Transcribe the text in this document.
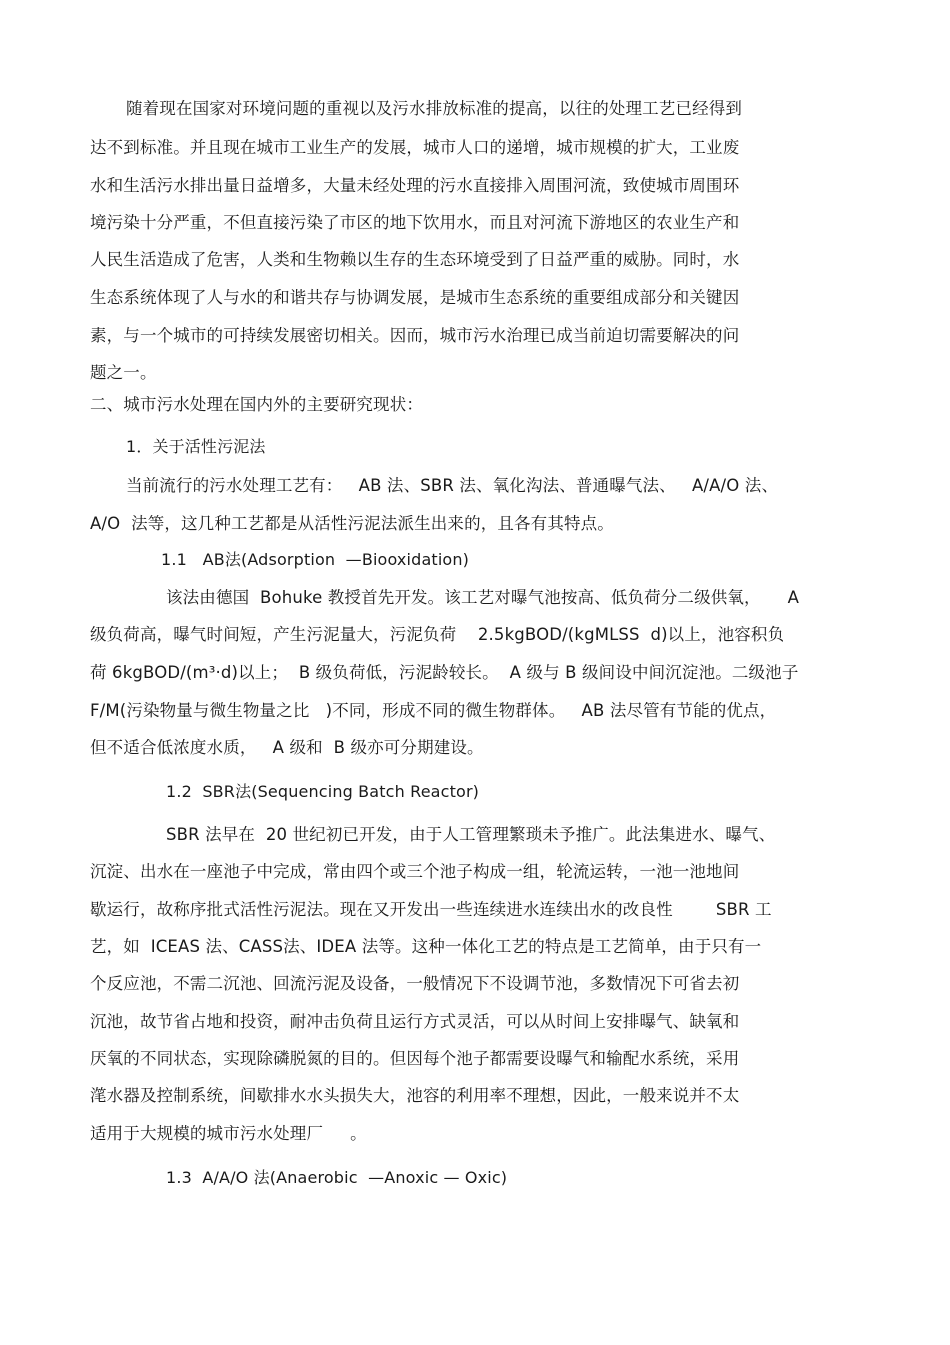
随着现在国家对环境问题的重视以及污水排放标准的提高，以往的处理工艺已经得到
达不到标准。并且现在城市工业生产的发展，城市人口的递增，城市规模的扩大，工业废
水和生活污水排出量日益增多，大量未经处理的污水直接排入周围河流，致使城市周围环
境污染十分严重，不但直接污染了市区的地下饮用水，而且对河流下游地区的农业生产和
人民生活造成了危害，人类和生物赖以生存的生态环境受到了日益严重的威胁。同时，水
生态系统体现了人与水的和谐共存与协调发展，是城市生态系统的重要组成部分和关键因
素，与一个城市的可持续发展密切相关。因而，城市污水治理已成当前迫切需要解决的问
题之一。
二、城市污水处理在国内外的主要研究现状：
1．关于活性污泥法
当前流行的污水处理工艺有：   AB 法、SBR 法、氧化沟法、普通曝气法、   A/A/O 法、
A/O  法等，这几种工艺都是从活性污泥法派生出来的，且各有其特点。
1.1   AB法(Adsorption  —Biooxidation)
该法由德国  Bohuke 教授首先开发。该工艺对曝气池按高、低负荷分二级供氧，     A
级负荷高，曝气时间短，产生污泥量大，污泥负荷    2.5kgBOD/(kgMLSS  d)以上，池容积负
荷 6kgBOD/(m³·d)以上；  B 级负荷低，污泥龄较长。  A 级与 B 级间设中间沉淀池。二级池子
F/M(污染物量与微生物量之比   )不同，形成不同的微生物群体。   AB 法尽管有节能的优点，
但不适合低浓度水质，   A 级和  B 级亦可分期建设。
1.2  SBR法(Sequencing Batch Reactor)
SBR 法早在  20 世纪初已开发，由于人工管理繁琐未予推广。此法集进水、曝气、
沉淀、出水在一座池子中完成，常由四个或三个池子构成一组，轮流运转，一池一池地间
歇运行，故称序批式活性污泥法。现在又开发出一些连续进水连续出水的改良性        SBR 工
艺，如  ICEAS 法、CASS法、IDEA 法等。这种一体化工艺的特点是工艺简单，由于只有一
个反应池，不需二沉池、回流污泥及设备，一般情况下不设调节池，多数情况下可省去初
沉池，故节省占地和投资，耐冲击负荷且运行方式灵活，可以从时间上安排曝气、缺氧和
厌氧的不同状态，实现除磷脱氮的目的。但因每个池子都需要设曝气和输配水系统，采用
滗水器及控制系统，间歇排水水头损失大，池容的利用率不理想，因此，一般来说并不太
适用于大规模的城市污水处理厂     。
1.3  A/A/O 法(Anaerobic  —Anoxic — Oxic)
